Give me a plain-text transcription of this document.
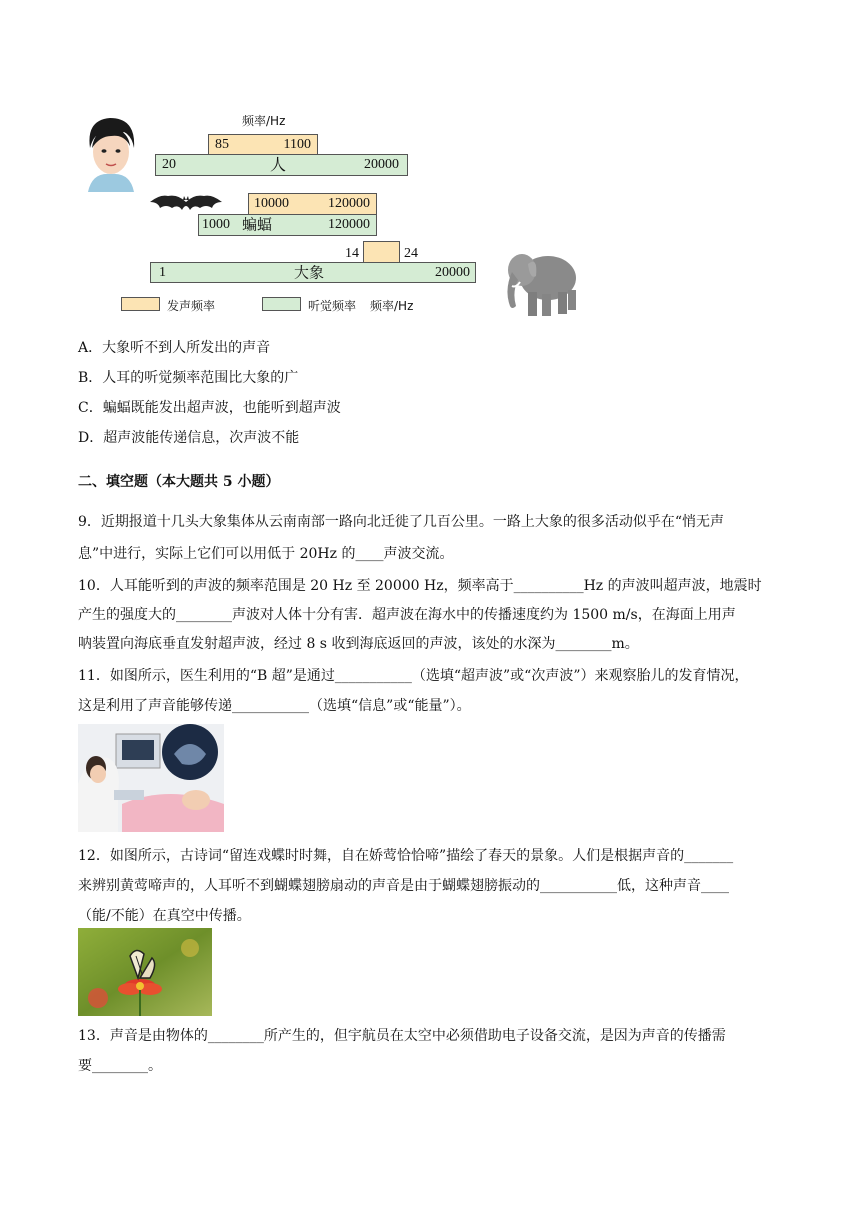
频率/Hz
85	1100
20	人	20000
10000	120000
1000 蝙蝠	120000
14	24
1	大象	20000
发声频率	听觉频率 频率/Hz
A．大象听不到人所发出的声音
B．人耳的听觉频率范围比大象的广
C．蝙蝠既能发出超声波，也能听到超声波
D．超声波能传递信息，次声波不能
二、填空题（本大题共 5 小题）
9．近期报道十几头大象集体从云南南部一路向北迁徙了几百公里。一路上大象的很多活动似乎在“悄无声
息”中进行，实际上它们可以用低于 20Hz 的____声波交流。
10．人耳能听到的声波的频率范围是 20 Hz 至 20000 Hz，频率高于__________Hz 的声波叫超声波，地震时
产生的强度大的________声波对人体十分有害．超声波在海水中的传播速度约为 1500 m/s，在海面上用声
呐装置向海底垂直发射超声波，经过 8 s 收到海底返回的声波，该处的水深为________m。
11．如图所示，医生利用的“B 超”是通过___________（选填“超声波”或“次声波”）来观察胎儿的发育情况，
这是利用了声音能够传递___________（选填“信息”或“能量”）。
12．如图所示，古诗词“留连戏蝶时时舞，自在娇莺恰恰啼”描绘了春天的景象。人们是根据声音的_______
来辨别黄莺啼声的，人耳听不到蝴蝶翅膀扇动的声音是由于蝴蝶翅膀振动的___________低，这种声音____
（能/不能）在真空中传播。
13．声音是由物体的________所产生的，但宇航员在太空中必须借助电子设备交流，是因为声音的传播需
要________。
